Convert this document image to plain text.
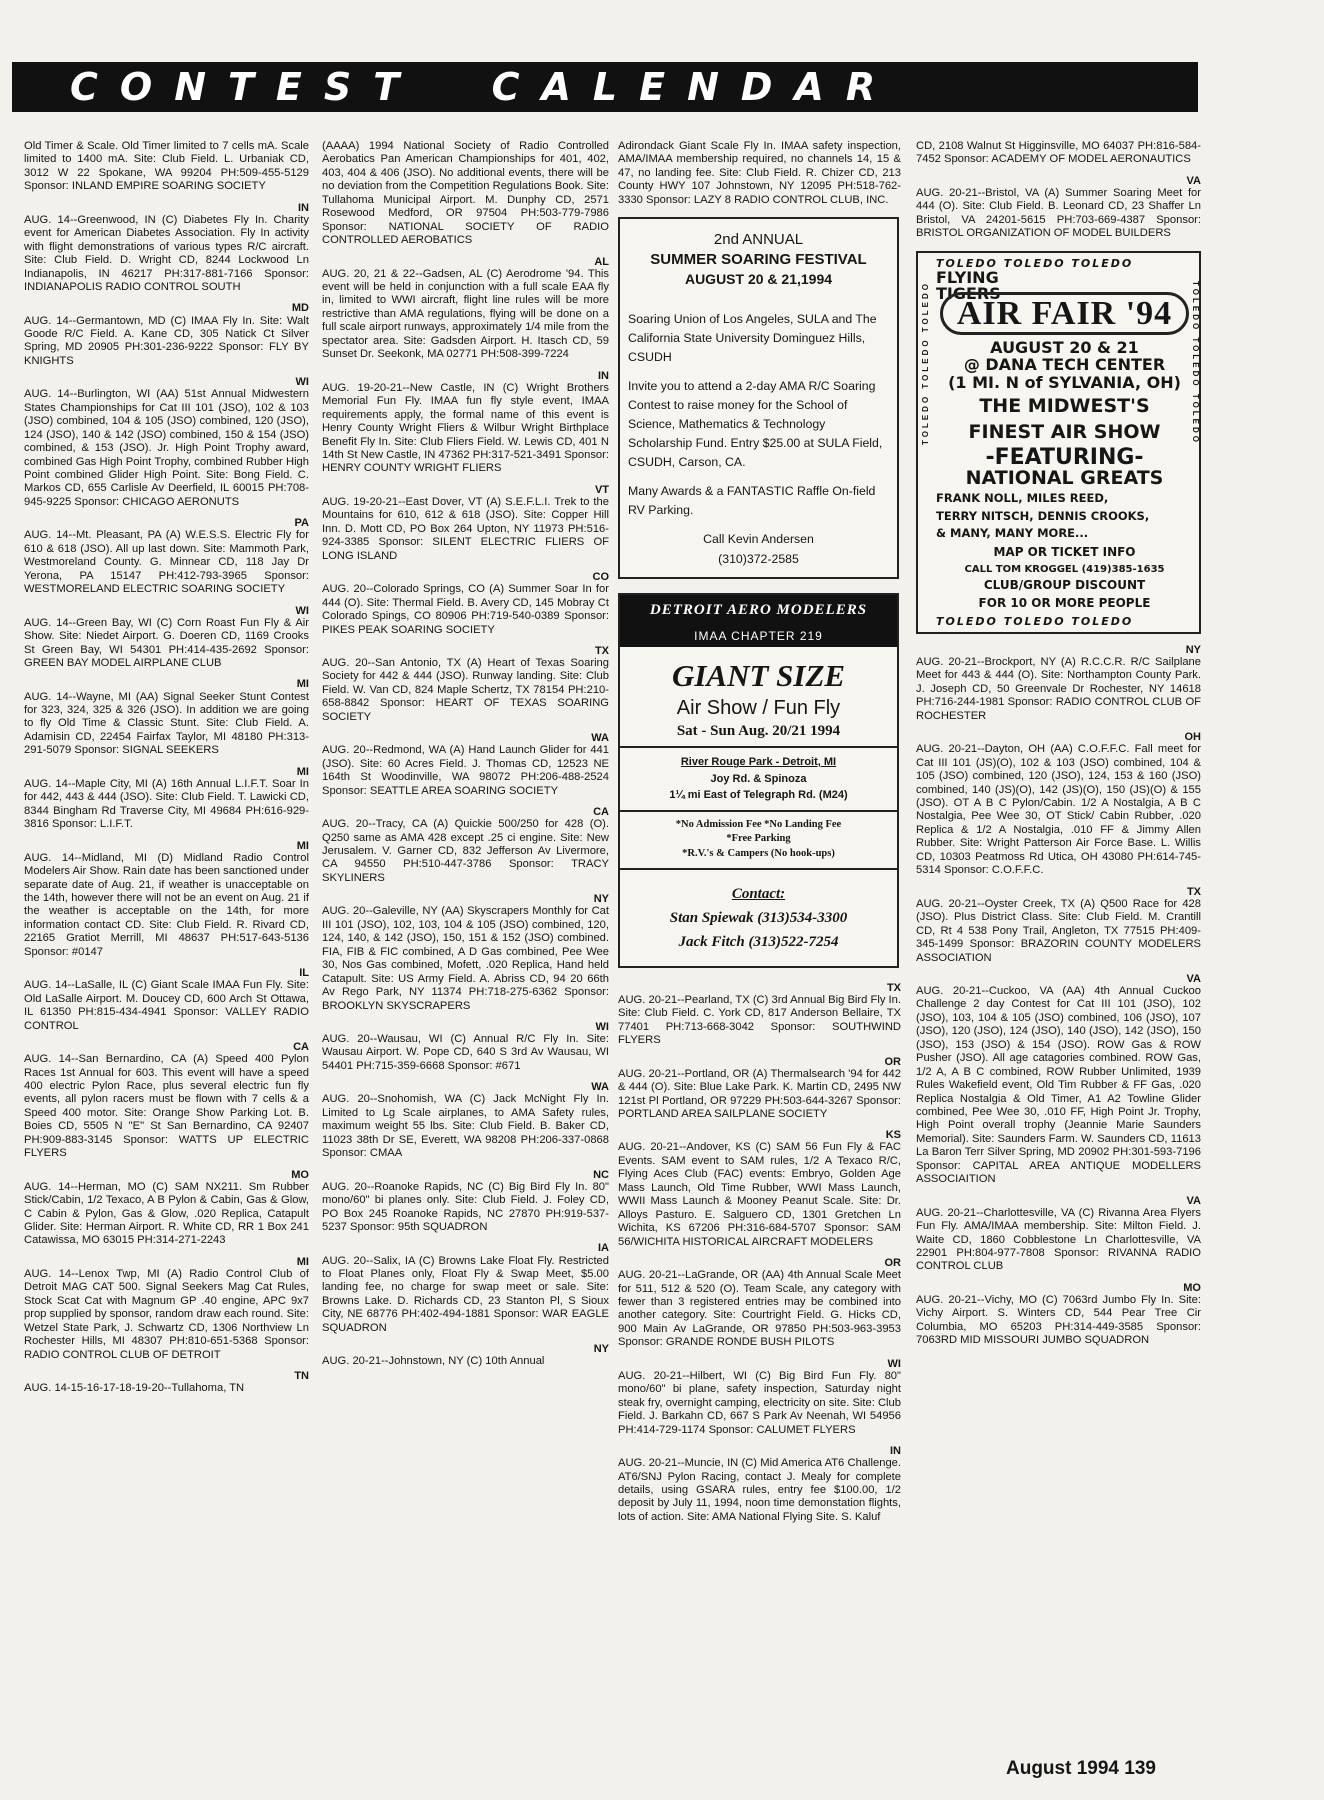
CONTEST  CALENDAR

Old Timer & Scale. Old Timer limited to 7 cells mA. Scale limited to 1400 mA. Site: Club Field. L. Urbaniak CD, 3012 W 22 Spokane, WA 99204 PH:509-455-5129 Sponsor: INLAND EMPIRE SOARING SOCIETY

IN

AUG. 14--Greenwood, IN (C) Diabetes Fly In. Charity event for American Diabetes Association. Fly In activity with flight demonstrations of various types R/C aircraft. Site: Club Field. D. Wright CD, 8244 Lockwood Ln Indianapolis, IN 46217 PH:317-881-7166 Sponsor: INDIANAPOLIS RADIO CONTROL SOUTH

MD

AUG. 14--Germantown, MD (C) IMAA Fly In. Site: Walt Goode R/C Field. A. Kane CD, 305 Natick Ct Silver Spring, MD 20905 PH:301-236-9222 Sponsor: FLY BY KNIGHTS

WI

AUG. 14--Burlington, WI (AA) 51st Annual Midwestern States Championships for Cat III 101 (JSO), 102 & 103 (JSO) combined, 104 & 105 (JSO) combined, 120 (JSO), 124 (JSO), 140 & 142 (JSO) combined, 150 & 154 (JSO) combined, & 153 (JSO). Jr. High Point Trophy award, combined Gas High Point Trophy, combined Rubber High Point combined Glider High Point. Site: Bong Field. C. Markos CD, 655 Carlisle Av Deerfield, IL 60015 PH:708-945-9225 Sponsor: CHICAGO AERONUTS

PA

AUG. 14--Mt. Pleasant, PA (A) W.E.S.S. Electric Fly for 610 & 618 (JSO). All up last down. Site: Mammoth Park, Westmoreland County. G. Minnear CD, 118 Jay Dr Yerona, PA 15147 PH:412-793-3965 Sponsor: WESTMORELAND ELECTRIC SOARING SOCIETY

WI

AUG. 14--Green Bay, WI (C) Corn Roast Fun Fly & Air Show. Site: Niedet Airport. G. Doeren CD, 1169 Crooks St Green Bay, WI 54301 PH:414-435-2692 Sponsor: GREEN BAY MODEL AIRPLANE CLUB

MI

AUG. 14--Wayne, MI (AA) Signal Seeker Stunt Contest for 323, 324, 325 & 326 (JSO). In addition we are going to fly Old Time & Classic Stunt. Site: Club Field. A. Adamisin CD, 22454 Fairfax Taylor, MI 48180 PH:313-291-5079 Sponsor: SIGNAL SEEKERS

MI

AUG. 14--Maple City, MI (A) 16th Annual L.I.F.T. Soar In for 442, 443 & 444 (JSO). Site: Club Field. T. Lawicki CD, 8344 Bingham Rd Traverse City, MI 49684 PH:616-929-3816 Sponsor: L.I.F.T.

MI

AUG. 14--Midland, MI (D) Midland Radio Control Modelers Air Show. Rain date has been sanctioned under separate date of Aug. 21, if weather is unacceptable on the 14th, however there will not be an event on Aug. 21 if the weather is acceptable on the 14th, for more information contact CD. Site: Club Field. R. Rivard CD, 22165 Gratiot Merrill, MI 48637 PH:517-643-5136 Sponsor: #0147

IL

AUG. 14--LaSalle, IL (C) Giant Scale IMAA Fun Fly. Site: Old LaSalle Airport. M. Doucey CD, 600 Arch St Ottawa, IL 61350 PH:815-434-4941 Sponsor: VALLEY RADIO CONTROL

CA

AUG. 14--San Bernardino, CA (A) Speed 400 Pylon Races 1st Annual for 603. This event will have a speed 400 electric Pylon Race, plus several electric fun fly events, all pylon racers must be flown with 7 cells & a Speed 400 motor. Site: Orange Show Parking Lot. B. Boies CD, 5505 N "E" St San Bernardino, CA 92407 PH:909-883-3145 Sponsor: WATTS UP ELECTRIC FLYERS

MO

AUG. 14--Herman, MO (C) SAM NX211. Sm Rubber Stick/Cabin, 1/2 Texaco, A B Pylon & Cabin, Gas & Glow, C Cabin & Pylon, Gas & Glow, .020 Replica, Catapult Glider. Site: Herman Airport. R. White CD, RR 1 Box 241 Catawissa, MO 63015 PH:314-271-2243

MI

AUG. 14--Lenox Twp, MI (A) Radio Control Club of Detroit MAG CAT 500. Signal Seekers Mag Cat Rules, Stock Scat Cat with Magnum GP .40 engine, APC 9x7 prop supplied by sponsor, random draw each round. Site: Wetzel State Park, J. Schwartz CD, 1306 Northview Ln Rochester Hills, MI 48307 PH:810-651-5368 Sponsor: RADIO CONTROL CLUB OF DETROIT

TN

AUG. 14-15-16-17-18-19-20--Tullahoma, TN

(AAAA) 1994 National Society of Radio Controlled Aerobatics Pan American Championships for 401, 402, 403, 404 & 406 (JSO). No additional events, there will be no deviation from the Competition Regulations Book. Site: Tullahoma Municipal Airport. M. Dunphy CD, 2571 Rosewood Medford, OR 97504 PH:503-779-7986 Sponsor: NATIONAL SOCIETY OF RADIO CONTROLLED AEROBATICS

AL

AUG. 20, 21 & 22--Gadsen, AL (C) Aerodrome '94. This event will be held in conjunction with a full scale EAA fly in, limited to WWI aircraft, flight line rules will be more restrictive than AMA regulations, flying will be done on a full scale airport runways, approximately 1/4 mile from the spectator area. Site: Gadsden Airport. H. Itasch CD, 59 Sunset Dr. Seekonk, MA 02771 PH:508-399-7224

IN

AUG. 19-20-21--New Castle, IN (C) Wright Brothers Memorial Fun Fly. IMAA fun fly style event, IMAA requirements apply, the formal name of this event is Henry County Wright Fliers & Wilbur Wright Birthplace Benefit Fly In. Site: Club Fliers Field. W. Lewis CD, 401 N 14th St New Castle, IN 47362 PH:317-521-3491 Sponsor: HENRY COUNTY WRIGHT FLIERS

VT

AUG. 19-20-21--East Dover, VT (A) S.E.F.L.I. Trek to the Mountains for 610, 612 & 618 (JSO). Site: Copper Hill Inn. D. Mott CD, PO Box 264 Upton, NY 11973 PH:516-924-3385 Sponsor: SILENT ELECTRIC FLIERS OF LONG ISLAND

CO

AUG. 20--Colorado Springs, CO (A) Summer Soar In for 444 (O). Site: Thermal Field. B. Avery CD, 145 Mobray Ct Colorado Spings, CO 80906 PH:719-540-0389 Sponsor: PIKES PEAK SOARING SOCIETY

TX

AUG. 20--San Antonio, TX (A) Heart of Texas Soaring Society for 442 & 444 (JSO). Runway landing. Site: Club Field. W. Van CD, 824 Maple Schertz, TX 78154 PH:210-658-8842 Sponsor: HEART OF TEXAS SOARING SOCIETY

WA

AUG. 20--Redmond, WA (A) Hand Launch Glider for 441 (JSO). Site: 60 Acres Field. J. Thomas CD, 12523 NE 164th St Woodinville, WA 98072 PH:206-488-2524 Sponsor: SEATTLE AREA SOARING SOCIETY

CA

AUG. 20--Tracy, CA (A) Quickie 500/250 for 428 (O). Q250 same as AMA 428 except .25 ci engine. Site: New Jerusalem. V. Garner CD, 832 Jefferson Av Livermore, CA 94550 PH:510-447-3786 Sponsor: TRACY SKYLINERS

NY

AUG. 20--Galeville, NY (AA) Skyscrapers Monthly for Cat III 101 (JSO), 102, 103, 104 & 105 (JSO) combined, 120, 124, 140, & 142 (JSO), 150, 151 & 152 (JSO) combined. FIA, FIB & FIC combined, A D Gas combined, Pee Wee 30, Nos Gas combined, Mofett, .020 Replica, Hand held Catapult. Site: US Army Field. A. Abriss CD, 94 20 66th Av Rego Park, NY 11374 PH:718-275-6362 Sponsor: BROOKLYN SKYSCRAPERS

WI

AUG. 20--Wausau, WI (C) Annual R/C Fly In. Site: Wausau Airport. W. Pope CD, 640 S 3rd Av Wausau, WI 54401 PH:715-359-6668 Sponsor: #671

WA

AUG. 20--Snohomish, WA (C) Jack McNight Fly In. Limited to Lg Scale airplanes, to AMA Safety rules, maximum weight 55 lbs. Site: Club Field. B. Baker CD, 11023 38th Dr SE, Everett, WA 98208 PH:206-337-0868 Sponsor: CMAA

NC

AUG. 20--Roanoke Rapids, NC (C) Big Bird Fly In. 80" mono/60" bi planes only. Site: Club Field. J. Foley CD, PO Box 245 Roanoke Rapids, NC 27870 PH:919-537-5237 Sponsor: 95th SQUADRON

IA

AUG. 20--Salix, IA (C) Browns Lake Float Fly. Restricted to Float Planes only, Float Fly & Swap Meet, $5.00 landing fee, no charge for swap meet or sale. Site: Browns Lake. D. Richards CD, 23 Stanton Pl, S Sioux City, NE 68776 PH:402-494-1881 Sponsor: WAR EAGLE SQUADRON

NY

AUG. 20-21--Johnstown, NY (C) 10th Annual

Adirondack Giant Scale Fly In. IMAA safety inspection, AMA/IMAA membership required, no channels 14, 15 & 47, no landing fee. Site: Club Field. R. Chizer CD, 213 County HWY 107 Johnstown, NY 12095 PH:518-762-3330 Sponsor: LAZY 8 RADIO CONTROL CLUB, INC.

2nd ANNUAL
SUMMER SOARING FESTIVAL
AUGUST 20 & 21,1994

Soaring Union of Los Angeles, SULA and The California State University Dominguez Hills, CSUDH

Invite you to attend a 2-day AMA R/C Soaring Contest to raise money for the School of Science, Mathematics & Technology Scholarship Fund. Entry $25.00 at SULA Field, CSUDH, Carson, CA.

Many Awards & a FANTASTIC Raffle On-field RV Parking.

Call Kevin Andersen

(310)372-2585

DETROIT AERO MODELERS
IMAA CHAPTER 219
GIANT SIZE
Air Show / Fun Fly
Sat - Sun Aug. 20/21 1994
River Rouge Park - Detroit, MI
Joy Rd. & Spinoza
1¼ mi East of Telegraph Rd. (M24)
*No Admission Fee *No Landing Fee
*Free Parking
*R.V.'s & Campers (No hook-ups)
Contact:
Stan Spiewak (313)534-3300
Jack Fitch (313)522-7254
TX

AUG. 20-21--Pearland, TX (C) 3rd Annual Big Bird Fly In. Site: Club Field. C. York CD, 817 Anderson Bellaire, TX 77401 PH:713-668-3042 Sponsor: SOUTHWIND FLYERS

OR

AUG. 20-21--Portland, OR (A) Thermalsearch '94 for 442 & 444 (O). Site: Blue Lake Park. K. Martin CD, 2495 NW 121st Pl Portland, OR 97229 PH:503-644-3267 Sponsor: PORTLAND AREA SAILPLANE SOCIETY

KS

AUG. 20-21--Andover, KS (C) SAM 56 Fun Fly & FAC Events. SAM event to SAM rules, 1/2 A Texaco R/C, Flying Aces Club (FAC) events: Embryo, Golden Age Mass Launch, Old Time Rubber, WWI Mass Launch, WWII Mass Launch & Mooney Peanut Scale. Site: Dr. Alloys Pasturo. E. Salguero CD, 1301 Gretchen Ln Wichita, KS 67206 PH:316-684-5707 Sponsor: SAM 56/WICHITA HISTORICAL AIRCRAFT MODELERS

OR

AUG. 20-21--LaGrande, OR (AA) 4th Annual Scale Meet for 511, 512 & 520 (O). Team Scale, any category with fewer than 3 registered entries may be combined into another category. Site: Courtright Field. G. Hicks CD, 900 Main Av LaGrande, OR 97850 PH:503-963-3953 Sponsor: GRANDE RONDE BUSH PILOTS

WI

AUG. 20-21--Hilbert, WI (C) Big Bird Fun Fly. 80" mono/60" bi plane, safety inspection, Saturday night steak fry, overnight camping, electricity on site. Site: Club Field. J. Barkahn CD, 667 S Park Av Neenah, WI 54956 PH:414-729-1174 Sponsor: CALUMET FLYERS

IN

AUG. 20-21--Muncie, IN (C) Mid America AT6 Challenge. AT6/SNJ Pylon Racing, contact J. Mealy for complete details, using GSARA rules, entry fee $100.00, 1/2 deposit by July 11, 1994, noon time demonstation flights, lots of action. Site: AMA National Flying Site. S. Kaluf

CD, 2108 Walnut St Higginsville, MO 64037 PH:816-584-7452 Sponsor: ACADEMY OF MODEL AERONAUTICS

VA

AUG. 20-21--Bristol, VA (A) Summer Soaring Meet for 444 (O). Site: Club Field. B. Leonard CD, 23 Shaffer Ln Bristol, VA 24201-5615 PH:703-669-4387 Sponsor: BRISTOL ORGANIZATION OF MODEL BUILDERS

TOLEDO TOLEDO TOLEDO	TOLEDO TOLEDO TOLEDO
TOLEDO TOLEDO TOLEDO
FLYING
TIGERS
AIR FAIR '94
AUGUST 20 & 21
@ DANA TECH CENTER
(1 MI. N of SYLVANIA, OH)
THE MIDWEST'S
FINEST AIR SHOW
-FEATURING-
NATIONAL GREATS
FRANK NOLL, MILES REED,
TERRY NITSCH, DENNIS CROOKS,
& MANY, MANY MORE...
MAP OR TICKET INFO
CALL TOM KROGGEL (419)385-1635
CLUB/GROUP DISCOUNT
FOR 10 OR MORE PEOPLE
TOLEDO TOLEDO TOLEDO
NY

AUG. 20-21--Brockport, NY (A) R.C.C.R. R/C Sailplane Meet for 443 & 444 (O). Site: Northampton County Park. J. Joseph CD, 50 Greenvale Dr Rochester, NY 14618 PH:716-244-1981 Sponsor: RADIO CONTROL CLUB OF ROCHESTER

OH

AUG. 20-21--Dayton, OH (AA) C.O.F.F.C. Fall meet for Cat III 101 (JS)(O), 102 & 103 (JSO) combined, 104 & 105 (JSO) combined, 120 (JSO), 124, 153 & 160 (JSO) combined, 140 (JS)(O), 142 (JS)(O), 150 (JS)(O) & 155 (JSO). OT A B C Pylon/Cabin. 1/2 A Nostalgia, A B C Nostalgia, Pee Wee 30, OT Stick/ Cabin Rubber, .020 Replica & 1/2 A Nostalgia, .010 FF & Jimmy Allen Rubber. Site: Wright Patterson Air Force Base. L. Willis CD, 10303 Peatmoss Rd Utica, OH 43080 PH:614-745-5314 Sponsor: C.O.F.F.C.

TX

AUG. 20-21--Oyster Creek, TX (A) Q500 Race for 428 (JSO). Plus District Class. Site: Club Field. M. Crantill CD, Rt 4 538 Pony Trail, Angleton, TX 77515 PH:409-345-1499 Sponsor: BRAZORIN COUNTY MODELERS ASSOCIATION

VA

AUG. 20-21--Cuckoo, VA (AA) 4th Annual Cuckoo Challenge 2 day Contest for Cat III 101 (JSO), 102 (JSO), 103, 104 & 105 (JSO) combined, 106 (JSO), 107 (JSO), 120 (JSO), 124 (JSO), 140 (JSO), 142 (JSO), 150 (JSO), 153 (JSO) & 154 (JSO). ROW Gas & ROW Pusher (JSO). All age catagories combined. ROW Gas, 1/2 A, A B C combined, ROW Rubber Unlimited, 1939 Rules Wakefield event, Old Tim Rubber & FF Gas, .020 Replica Nostalgia & Old Timer, A1 A2 Towline Glider combined, Pee Wee 30, .010 FF, High Point Jr. Trophy, High Point overall trophy (Jeannie Marie Saunders Memorial). Site: Saunders Farm. W. Saunders CD, 11613 La Baron Terr Silver Spring, MD 20902 PH:301-593-7196 Sponsor: CAPITAL AREA ANTIQUE MODELLERS ASSOCIAITION

VA

AUG. 20-21--Charlottesville, VA (C) Rivanna Area Flyers Fun Fly. AMA/IMAA membership. Site: Milton Field. J. Waite CD, 1860 Cobblestone Ln Charlottesville, VA 22901 PH:804-977-7808 Sponsor: RIVANNA RADIO CONTROL CLUB

MO

AUG. 20-21--Vichy, MO (C) 7063rd Jumbo Fly In. Site: Vichy Airport. S. Winters CD, 544 Pear Tree Cir Columbia, MO 65203 PH:314-449-3585 Sponsor: 7063RD MID MISSOURI JUMBO SQUADRON

August 1994 139
